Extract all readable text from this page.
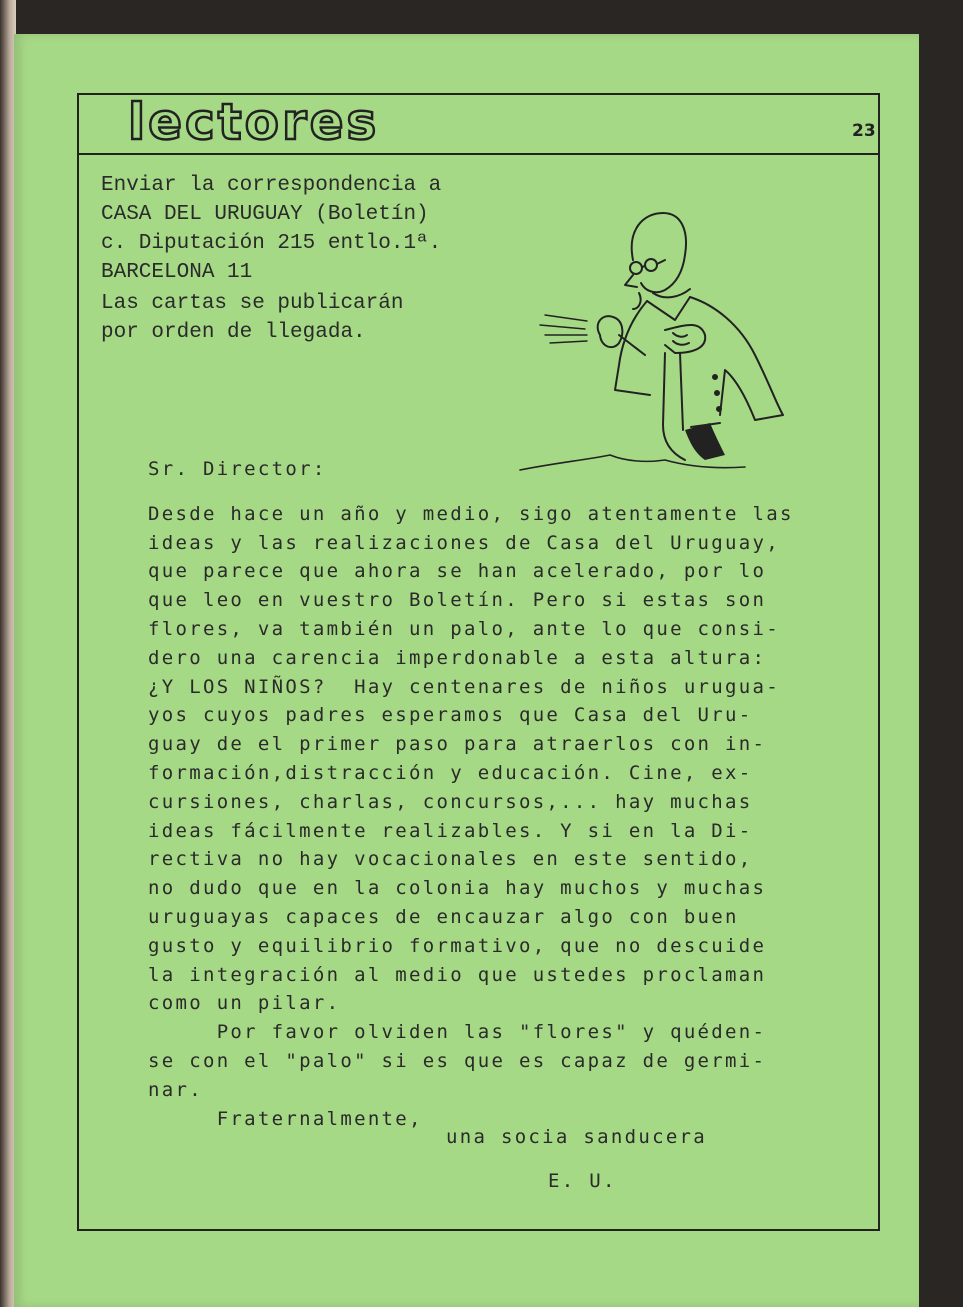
lectores	23
Enviar la correspondencia a
CASA DEL URUGUAY (Boletín)
c. Diputación 215 entlo.1ª.
BARCELONA 11
Las cartas se publicarán
por orden de llegada.
Sr. Director:
Desde hace un año y medio, sigo atentamente las
ideas y las realizaciones de Casa del Uruguay,
que parece que ahora se han acelerado, por lo
que leo en vuestro Boletín. Pero si estas son
flores, va también un palo, ante lo que consi-
dero una carencia imperdonable a esta altura:
¿Y LOS NIÑOS?  Hay centenares de niños urugua-
yos cuyos padres esperamos que Casa del Uru-
guay de el primer paso para atraerlos con in-
formación,distracción y educación. Cine, ex-
cursiones, charlas, concursos,... hay muchas
ideas fácilmente realizables. Y si en la Di-
rectiva no hay vocacionales en este sentido,
no dudo que en la colonia hay muchos y muchas
uruguayas capaces de encauzar algo con buen
gusto y equilibrio formativo, que no descuide
la integración al medio que ustedes proclaman
como un pilar.
Por favor olviden las "flores" y quéden-
se con el "palo" si es que es capaz de germi-
nar.
Fraternalmente,
una socia sanducera
E. U.
